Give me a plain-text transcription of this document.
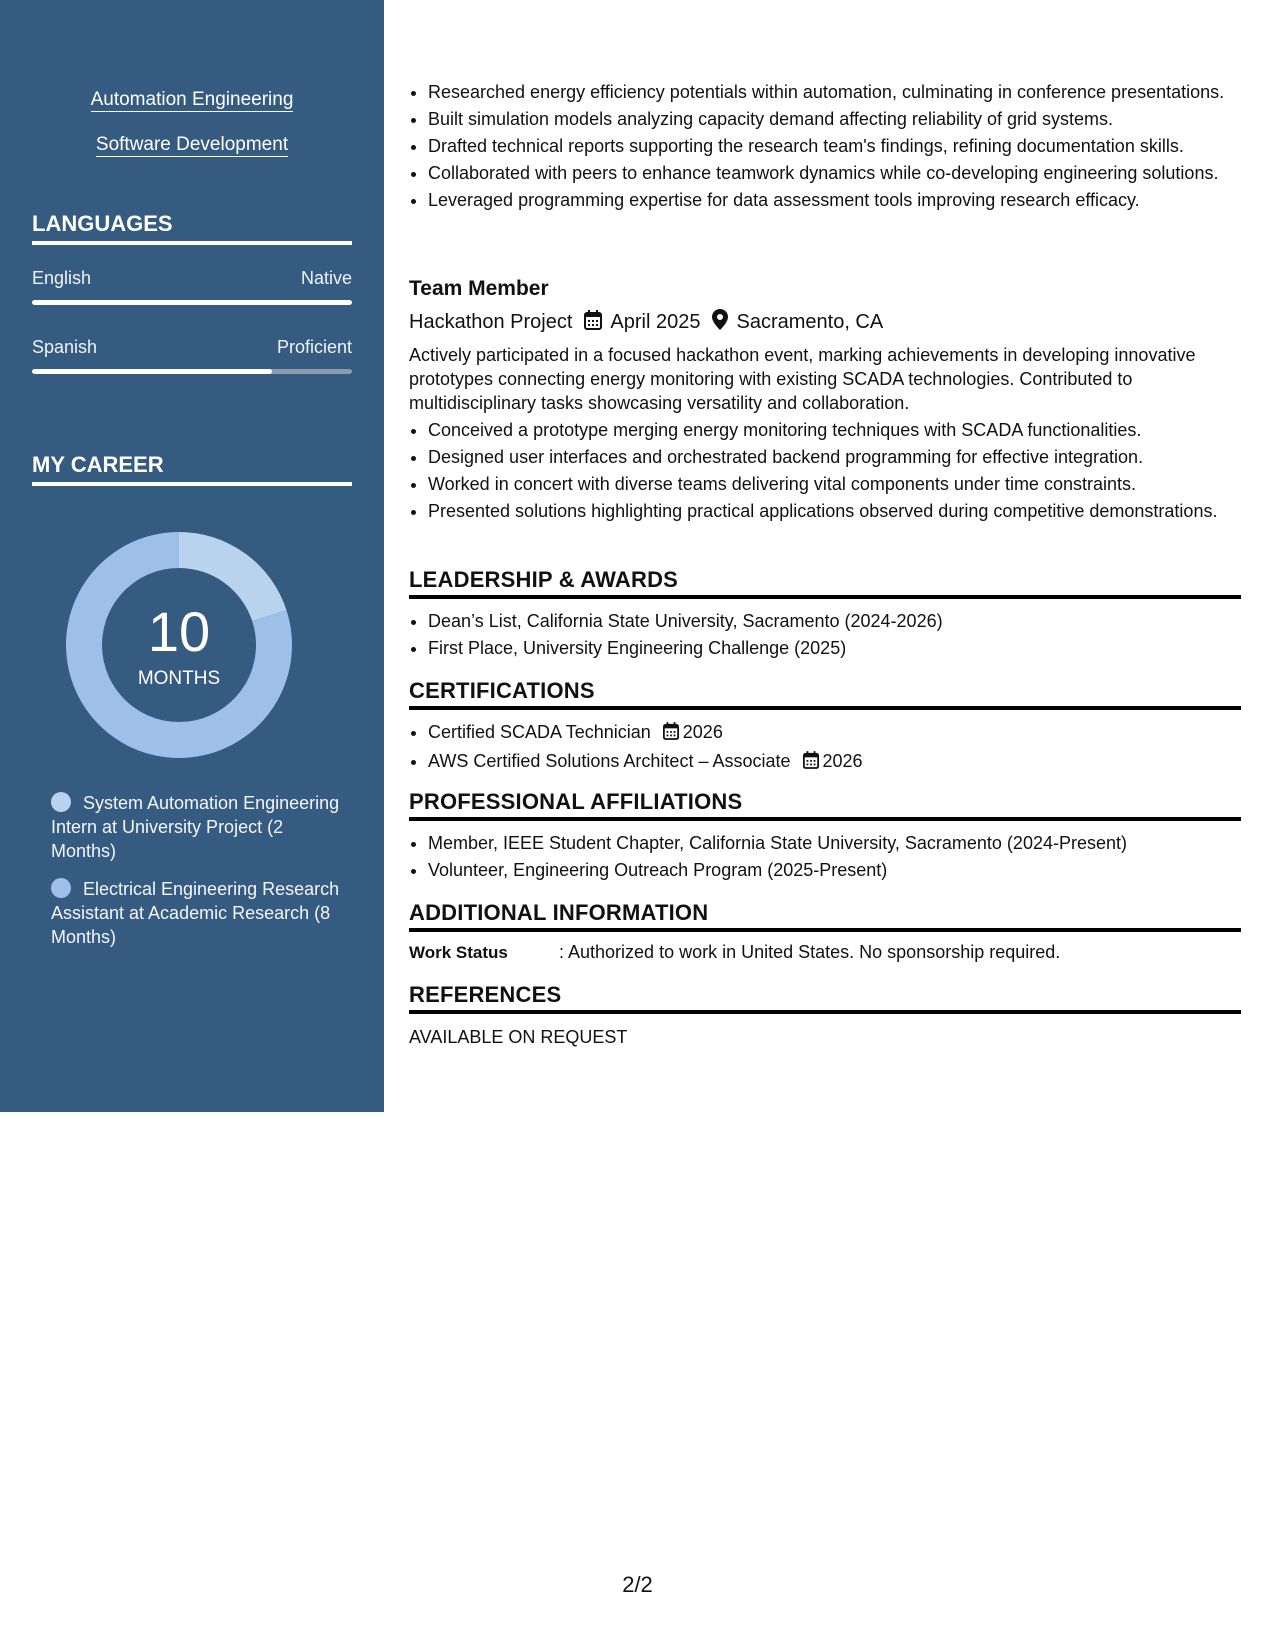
Automation Engineering
Software Development
LANGUAGES
English	Native
Spanish	Proficient
MY CAREER
10
MONTHS
System Automation Engineering Intern at University Project (2 Months)
Electrical Engineering Research Assistant at Academic Research (8 Months)
• Researched energy efficiency potentials within automation, culminating in conference presentations.
• Built simulation models analyzing capacity demand affecting reliability of grid systems.
• Drafted technical reports supporting the research team's findings, refining documentation skills.
• Collaborated with peers to enhance teamwork dynamics while co-developing engineering solutions.
• Leveraged programming expertise for data assessment tools improving research efficacy.
Team Member
Hackathon Project April 2025 Sacramento, CA
Actively participated in a focused hackathon event, marking achievements in developing innovative prototypes connecting energy monitoring with existing SCADA technologies. Contributed to multidisciplinary tasks showcasing versatility and collaboration.
• Conceived a prototype merging energy monitoring techniques with SCADA functionalities.
• Designed user interfaces and orchestrated backend programming for effective integration.
• Worked in concert with diverse teams delivering vital components under time constraints.
• Presented solutions highlighting practical applications observed during competitive demonstrations.
LEADERSHIP & AWARDS
• Dean’s List, California State University, Sacramento (2024-2026)
• First Place, University Engineering Challenge (2025)
CERTIFICATIONS
• Certified SCADA Technician 2026
• AWS Certified Solutions Architect – Associate 2026
PROFESSIONAL AFFILIATIONS
• Member, IEEE Student Chapter, California State University, Sacramento (2024-Present)
• Volunteer, Engineering Outreach Program (2025-Present)
ADDITIONAL INFORMATION
Work Status	: Authorized to work in United States. No sponsorship required.
REFERENCES
AVAILABLE ON REQUEST
2/2
